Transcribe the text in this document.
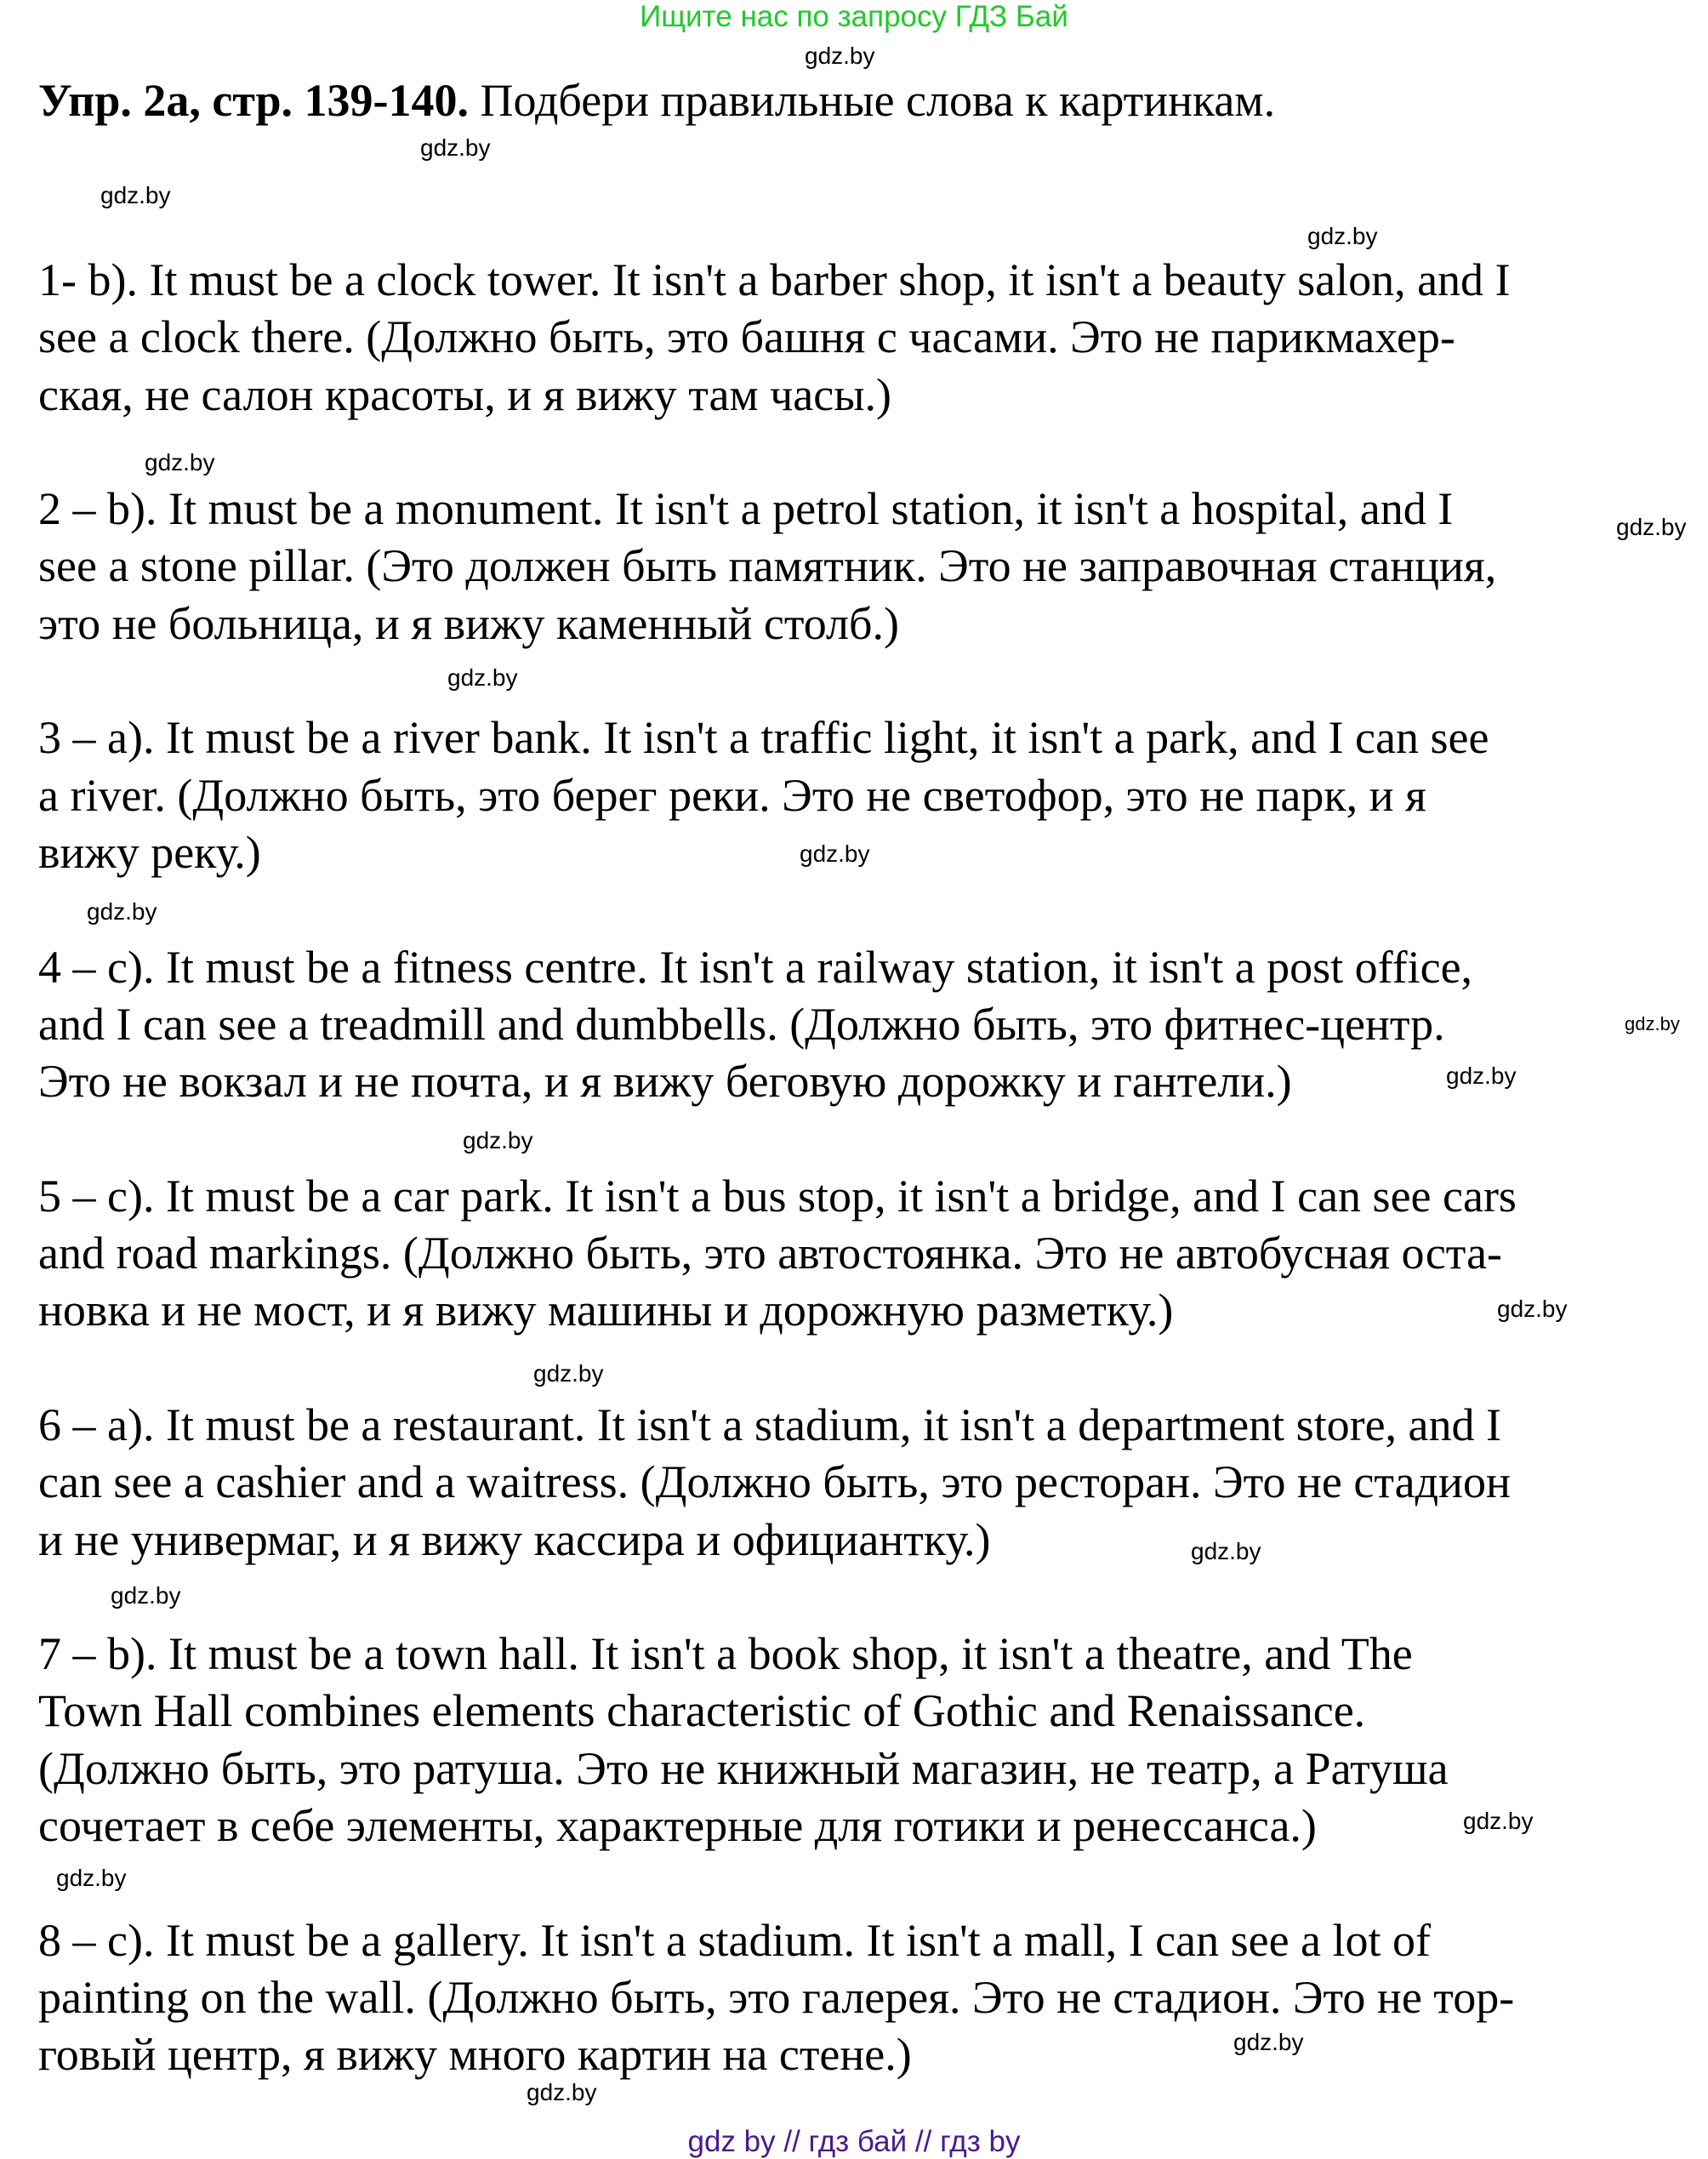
Ищите нас по запросу ГДЗ Бай
Упр. 2а, стр. 139-140. Подбери правильные слова к картинкам.
1- b). It must be a clock tower. It isn't a barber shop, it isn't a beauty salon, and I
see a clock there. (Должно быть, это башня с часами. Это не парикмахер-
ская, не салон красоты, и я вижу там часы.)
2 – b). It must be a monument. It isn't a petrol station, it isn't a hospital, and I
see a stone pillar. (Это должен быть памятник. Это не заправочная станция,
это не больница, и я вижу каменный столб.)
3 – a). It must be a river bank. It isn't a traffic light, it isn't a park, and I can see
a river. (Должно быть, это берег реки. Это не светофор, это не парк, и я
вижу реку.)
4 – c). It must be a fitness centre. It isn't a railway station, it isn't a post office,
and I can see a treadmill and dumbbells. (Должно быть, это фитнес-центр.
Это не вокзал и не почта, и я вижу беговую дорожку и гантели.)
5 – c). It must be a car park. It isn't a bus stop, it isn't a bridge, and I can see cars
and road markings. (Должно быть, это автостоянка. Это не автобусная оста-
новка и не мост, и я вижу машины и дорожную разметку.)
6 – a). It must be a restaurant. It isn't a stadium, it isn't a department store, and I
can see a cashier and a waitress. (Должно быть, это ресторан. Это не стадион
и не универмаг, и я вижу кассира и официантку.)
7 – b). It must be a town hall. It isn't a book shop, it isn't a theatre, and The
Town Hall combines elements characteristic of Gothic and Renaissance.
(Должно быть, это ратуша. Это не книжный магазин, не театр, а Ратуша
сочетает в себе элементы, характерные для готики и ренессанса.)
8 – c). It must be a gallery. It isn't a stadium. It isn't a mall, I can see a lot of
painting on the wall. (Должно быть, это галерея. Это не стадион. Это не тор-
говый центр, я вижу много картин на стене.)
gdz.by
gdz.by
gdz.by
gdz.by
gdz.by
gdz.by
gdz.by
gdz.by
gdz.by
gdz.by
gdz.by
gdz.by
gdz.by
gdz.by
gdz.by
gdz.by
gdz.by
gdz.by
gdz.by
gdz.by
gdz by // гдз бай // гдз by
